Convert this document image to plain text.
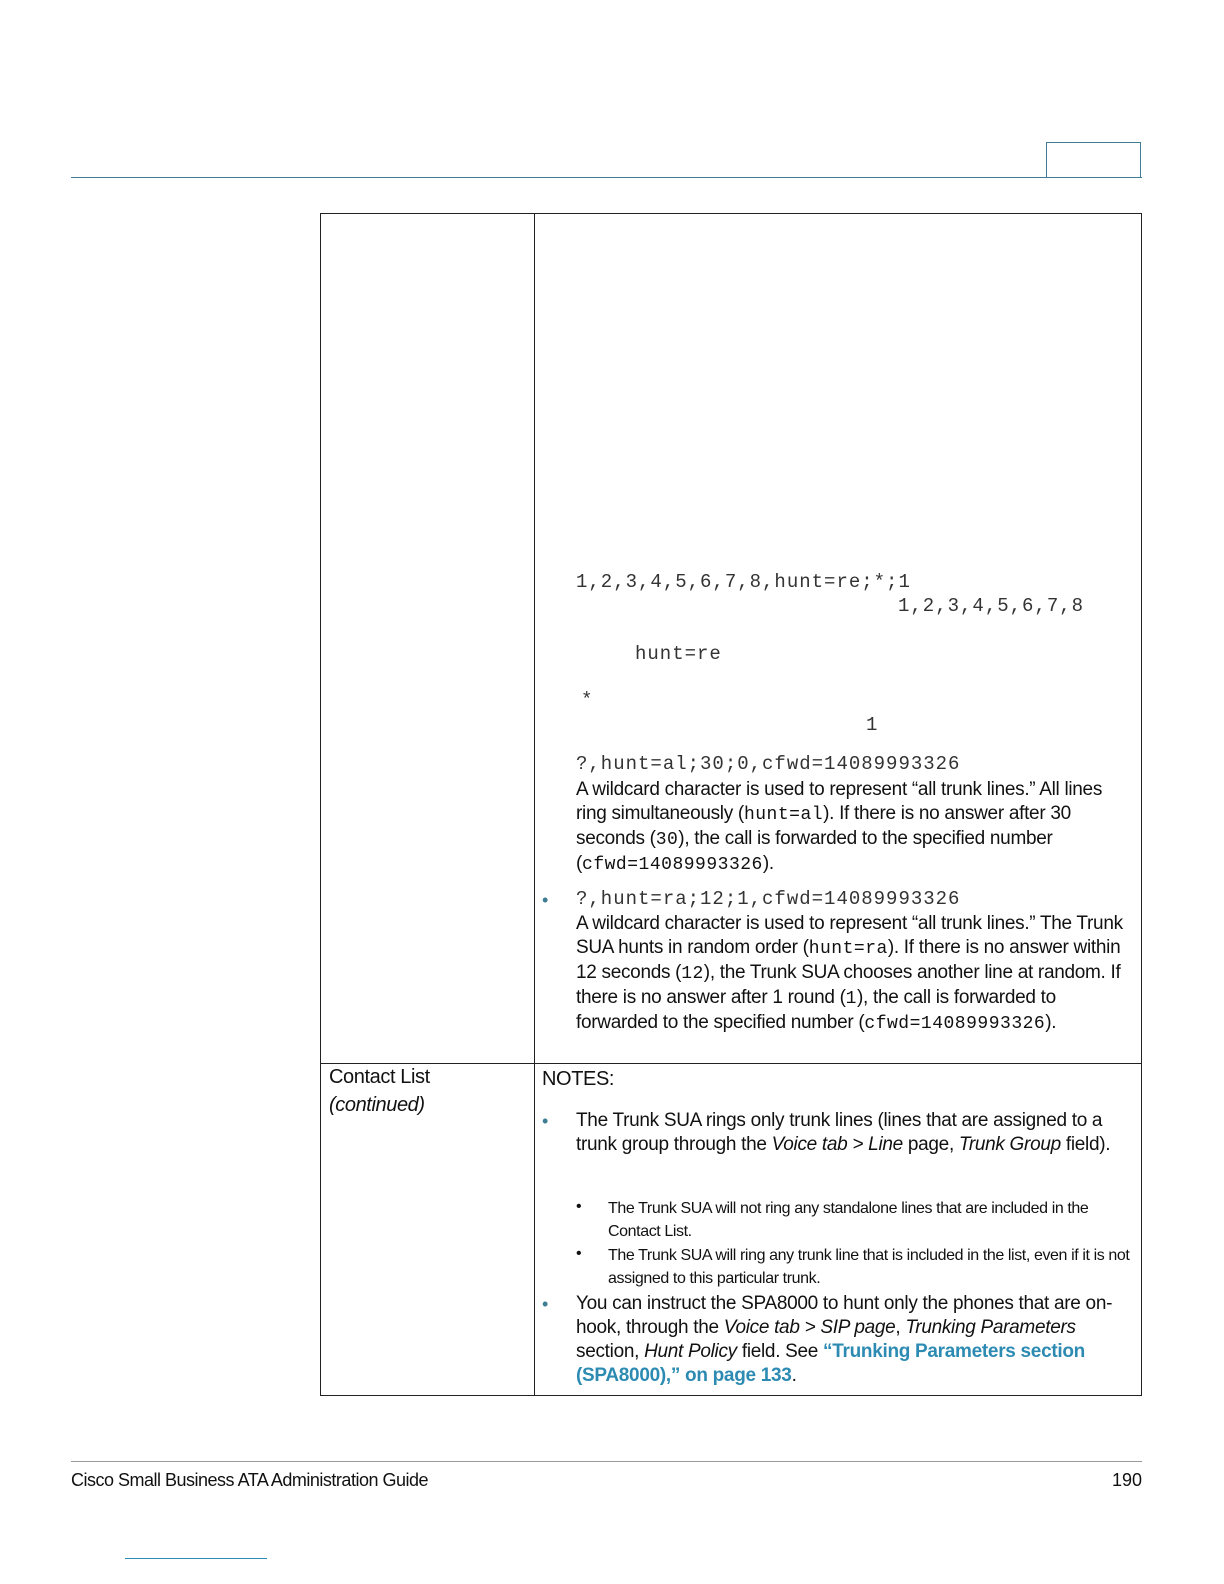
1,2,3,4,5,6,7,8,hunt=re;*;1
1,2,3,4,5,6,7,8
hunt=re
*
1
?,hunt=al;30;0,cfwd=14089993326
A wildcard character is used to represent “all trunk lines.” All lines ring simultaneously (hunt=al). If there is no answer after 30 seconds (30), the call is forwarded to the specified number (cfwd=14089993326).
• ?,hunt=ra;12;1,cfwd=14089993326
A wildcard character is used to represent “all trunk lines.” The Trunk SUA hunts in random order (hunt=ra). If there is no answer within 12 seconds (12), the Trunk SUA chooses another line at random. If there is no answer after 1 round (1), the call is forwarded to forwarded to the specified number (cfwd=14089993326).
Contact List
(continued)
NOTES:
• The Trunk SUA rings only trunk lines (lines that are assigned to a trunk group through the Voice tab > Line page, Trunk Group field).
• The Trunk SUA will not ring any standalone lines that are included in the Contact List.
• The Trunk SUA will ring any trunk line that is included in the list, even if it is not assigned to this particular trunk.
• You can instruct the SPA8000 to hunt only the phones that are on-hook, through the Voice tab > SIP page, Trunking Parameters section, Hunt Policy field. See “Trunking Parameters section (SPA8000),” on page 133.
Cisco Small Business ATA Administration Guide	190
